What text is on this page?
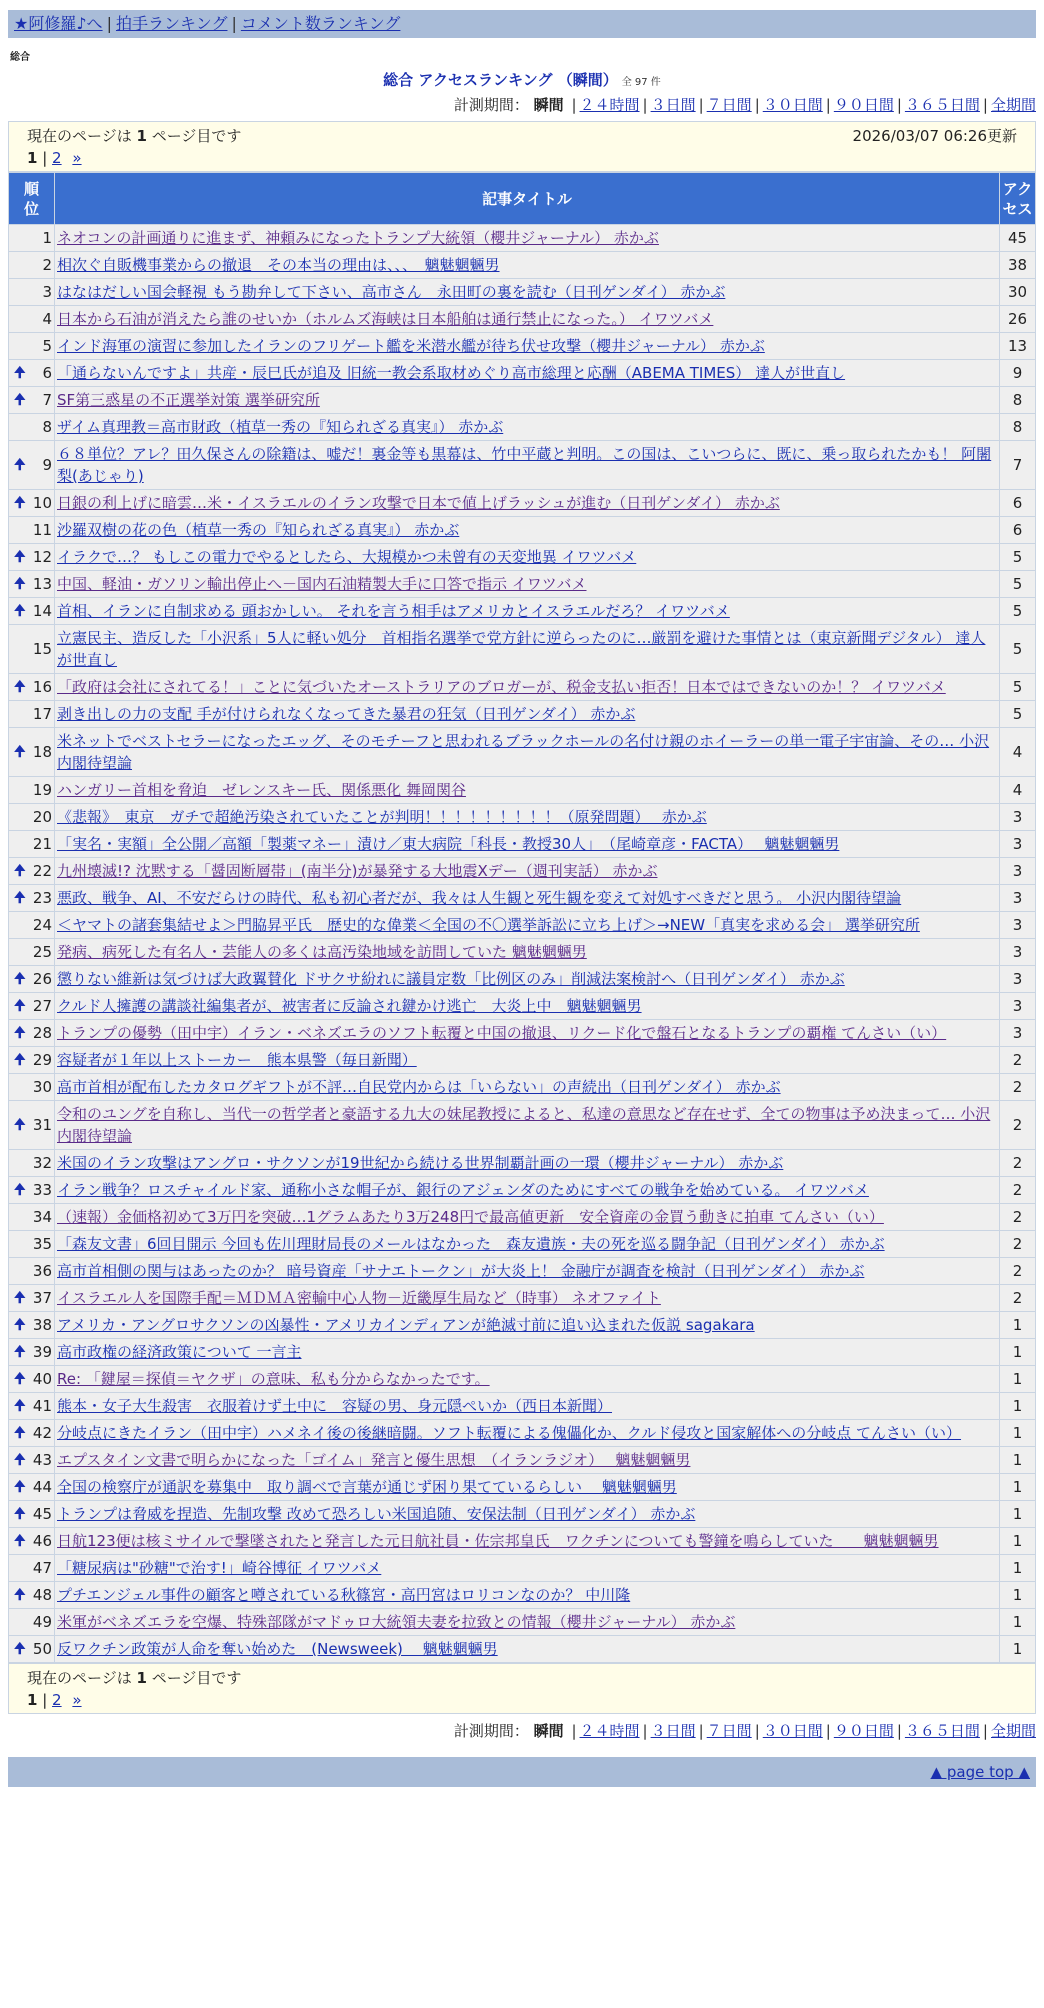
★阿修羅♪へ | 拍手ランキング | コメント数ランキング
総合
総合 アクセスランキング （瞬間） 全 97 件
計測期間： 瞬間 | ２４時間 | ３日間 | ７日間 | ３０日間 | ９０日間 | ３６５日間 | 全期間
現在のページは 1 ページ目です	2026/03/07 06:26更新
1 | 2 »
順位	記事タイトル	アクセス
1	ネオコンの計画通りに進まず、神頼みになったトランプ大統領（櫻井ジャーナル） 赤かぶ	45
2	相次ぐ自販機事業からの撤退　その本当の理由は、、、　魑魅魍魎男	38
3	はなはだしい国会軽視 もう勘弁して下さい、高市さん　永田町の裏を読む（日刊ゲンダイ） 赤かぶ	30
4	日本から石油が消えたら誰のせいか（ホルムズ海峡は日本船舶は通行禁止になった。） イワツバメ	26
5	インド海軍の演習に参加したイランのフリゲート艦を米潜水艦が待ち伏せ攻撃（櫻井ジャーナル） 赤かぶ	13

🠉 6	「通らないんですよ」共産・辰巳氏が追及 旧統一教会系取材めぐり高市総理と応酬（ABEMA TIMES） 達人が世直し	9

🠉 7	SF第三惑星の不正選挙対策 選挙研究所	8
8	ザイム真理教＝高市財政（植草一秀の『知られざる真実』） 赤かぶ	8

🠉 9	６８単位？アレ？田久保さんの除籍は、嘘だ！裏金等も黒幕は、竹中平蔵と判明。この国は、こいつらに、既に、乗っ取られたかも！ 阿闍梨(あじゃり)	7

🠉 10	日銀の利上げに暗雲…米・イスラエルのイラン攻撃で日本で値上げラッシュが進む（日刊ゲンダイ） 赤かぶ	6
11	沙羅双樹の花の色（植草一秀の『知られざる真実』） 赤かぶ	6

🠉 12	イラクで…？ もしこの電力でやるとしたら、大規模かつ未曾有の天変地異 イワツバメ	5

🠉 13	中国、軽油・ガソリン輸出停止へ－国内石油精製大手に口答で指示 イワツバメ	5

🠉 14	首相、イランに自制求める 頭おかしい。 それを言う相手はアメリカとイスラエルだろ？ イワツバメ	5
15	立憲民主、造反した「小沢系」5人に軽い処分　首相指名選挙で党方針に逆らったのに…厳罰を避けた事情とは（東京新聞デジタル） 達人が世直し	5

🠉 16	「政府は会社にされてる！」ことに気づいたオーストラリアのブロガーが、税金支払い拒否！日本ではできないのか！？ イワツバメ	5
17	剥き出しの力の支配 手が付けられなくなってきた暴君の狂気（日刊ゲンダイ） 赤かぶ	5

🠉 18	米ネットでベストセラーになったエッグ、そのモチーフと思われるブラックホールの名付け親のホイーラーの単一電子宇宙論、その… 小沢内閣待望論	4
19	ハンガリー首相を脅迫　ゼレンスキー氏、関係悪化 舞岡関谷	4
20	《悲報》　東京　ガチで超絶汚染されていたことが判明！！！！！！！！！（原発問題）　 赤かぶ	3
21	「実名・実額」全公開／高額「製薬マネー」漬け／東大病院「科長・教授30人」　（尾崎章彦・FACTA）　 魑魅魍魎男	3

🠉 22	九州壊滅!? 沈黙する「醤固断層帯」(南半分)が暴発する大地震Xデー（週刊実話） 赤かぶ	3

🠉 23	悪政、戦争、AI、不安だらけの時代、私も初心者だが、我々は人生観と死生観を変えて対処すべきだと思う。 小沢内閣待望論	3
24	＜ヤマトの諸套集結せよ＞門脇昇平氏　歴史的な偉業＜全国の不〇選挙訴訟に立ち上げ＞→NEW「真実を求める会」 選挙研究所	3
25	発病、病死した有名人・芸能人の多くは高汚染地域を訪問していた 魑魅魍魎男	3

🠉 26	懲りない維新は気づけば大政翼賛化 ドサクサ紛れに議員定数「比例区のみ」削減法案検討へ（日刊ゲンダイ） 赤かぶ	3

🠉 27	クルド人擁護の講談社編集者が、被害者に反論され鍵かけ逃亡　大炎上中　魑魅魍魎男	3

🠉 28	トランプの優勢（田中宇）イラン・ベネズエラのソフト転覆と中国の撤退、リクード化で盤石となるトランプの覇権 てんさい（い）	3

🠉 29	容疑者が１年以上ストーカー　熊本県警（毎日新聞）	2
30	高市首相が配布したカタログギフトが不評…自民党内からは「いらない」の声続出（日刊ゲンダイ） 赤かぶ	2

🠉 31	令和のユングを自称し、当代一の哲学者と豪語する九大の妹尾教授によると、私達の意思など存在せず、全ての物事は予め決まって… 小沢内閣待望論	2
32	米国のイラン攻撃はアングロ・サクソンが19世紀から続ける世界制覇計画の一環（櫻井ジャーナル） 赤かぶ	2

🠉 33	イラン戦争？ロスチャイルド家、通称小さな帽子が、銀行のアジェンダのためにすべての戦争を始めている。 イワツバメ	2
34	（速報）金価格初めて3万円を突破…1グラムあたり3万248円で最高値更新　安全資産の金買う動きに拍車 てんさい（い）	2
35	「森友文書」6回目開示 今回も佐川理財局長のメールはなかった　森友遺族・夫の死を巡る闘争記（日刊ゲンダイ） 赤かぶ	2
36	高市首相側の関与はあったのか？ 暗号資産「サナエトークン」が大炎上！ 金融庁が調査を検討（日刊ゲンダイ） 赤かぶ	2

🠉 37	イスラエル人を国際手配＝ＭＤＭＡ密輸中心人物－近畿厚生局など（時事） ネオファイト	2

🠉 38	アメリカ・アングロサクソンの凶暴性・アメリカインディアンが絶滅寸前に追い込まれた仮説 sagakara	1

🠉 39	高市政権の経済政策について 一言主	1

🠉 40	Re: 「鍵屋＝探偵＝ヤクザ」の意味、私も分からなかったです。	1

🠉 41	熊本・女子大生殺害　衣服着けず土中に　容疑の男、身元隠ぺいか（西日本新聞）	1

🠉 42	分岐点にきたイラン（田中宇）ハメネイ後の後継暗闘。ソフト転覆による傀儡化か、クルド侵攻と国家解体への分岐点 てんさい（い）	1

🠉 43	エプスタイン文書で明らかになった「ゴイム」発言と優生思想　（イランラジオ）　 魑魅魍魎男	1

🠉 44	全国の検察庁が通訳を募集中　取り調べで言葉が通じず困り果てているらしい　 魑魅魍魎男	1

🠉 45	トランプは脅威を捏造、先制攻撃 改めて恐ろしい米国追随、安保法制（日刊ゲンダイ） 赤かぶ	1

🠉 46	日航123便は核ミサイルで撃墜されたと発言した元日航社員・佐宗邦皇氏　ワクチンについても警鐘を鳴らしていた　　魑魅魍魎男	1
47	「糖尿病は"砂糖"で治す!」崎谷博征 イワツバメ	1

🠉 48	プチエンジェル事件の顧客と噂されている秋篠宮・高円宮はロリコンなのか？ 中川隆	1
49	米軍がベネズエラを空爆、特殊部隊がマドゥロ大統領夫妻を拉致との情報（櫻井ジャーナル） 赤かぶ	1

🠉 50	反ワクチン政策が人命を奪い始めた　(Newsweek)　 魑魅魍魎男	1
現在のページは 1 ページ目です
1 | 2 »
計測期間： 瞬間 | ２４時間 | ３日間 | ７日間 | ３０日間 | ９０日間 | ３６５日間 | 全期間
▲ page top ▲
